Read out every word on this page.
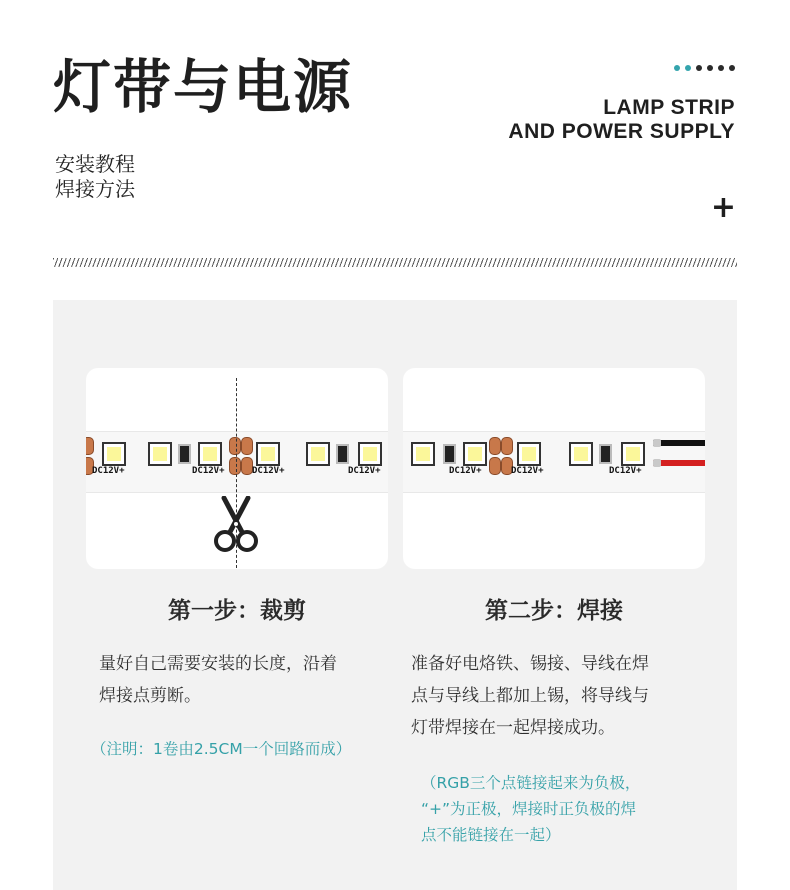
灯带与电源
安装教程
焊接方法
LAMP STRIP
AND POWER SUPPLY
+
DC12V+	DC12V+	DC12V+	DC12V+	DC12V+	DC12V+	DC12V+
第一步：裁剪	第二步：焊接
量好自己需要安装的长度，沿着
焊接点剪断。
准备好电烙铁、锡接、导线在焊
点与导线上都加上锡，将导线与
灯带焊接在一起焊接成功。
（注明：1卷由2.5CM一个回路而成）
（RGB三个点链接起来为负极，
“+”为正极，焊接时正负极的焊
点不能链接在一起）
